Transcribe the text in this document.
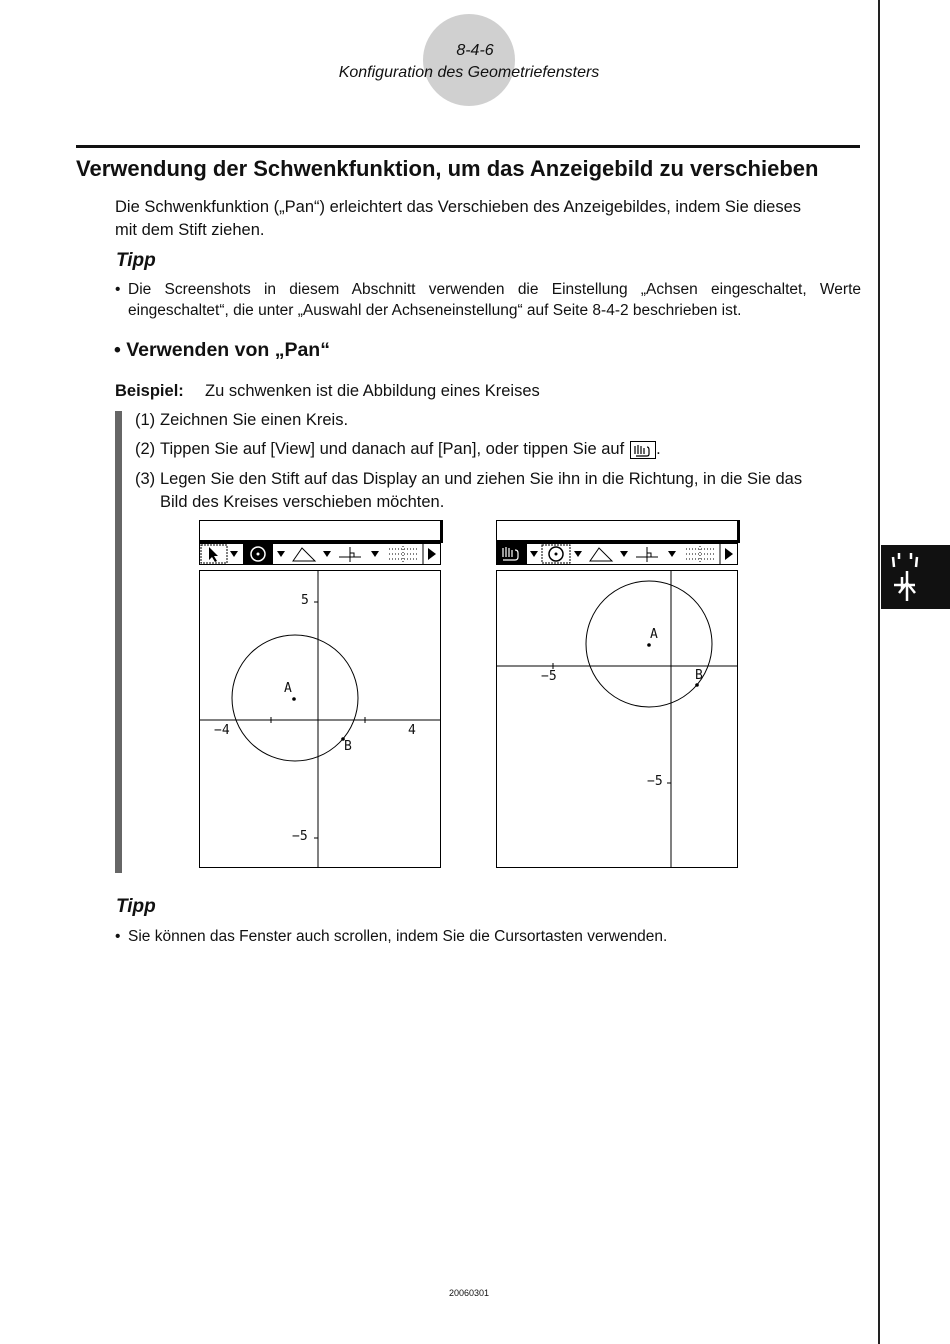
8-4-6
Konfiguration des Geometriefensters
Verwendung der Schwenkfunktion, um das Anzeigebild zu verschieben
Die Schwenkfunktion („Pan“) erleichtert das Verschieben des Anzeigebildes, indem Sie dieses
mit dem Stift ziehen.
Tipp
• Die Screenshots in diesem Abschnitt verwenden die Einstellung „Achsen eingeschaltet, Werte
eingeschaltet“, die unter „Auswahl der Achseneinstellung“ auf Seite 8-4-2 beschrieben ist.
• Verwenden von „Pan“
Beispiel: Zu schwenken ist die Abbildung eines Kreises
(1) Zeichnen Sie einen Kreis.
(2) Tippen Sie auf [View] und danach auf [Pan], oder tippen Sie auf .
(3) Legen Sie den Stift auf das Display an und ziehen Sie ihn in die Richtung, in die Sie das
Bild des Kreises verschieben möchten.

5
−4	4
−5
A
B

−5
−5
A
B
Tipp
• Sie können das Fenster auch scrollen, indem Sie die Cursortasten verwenden.
20060301
